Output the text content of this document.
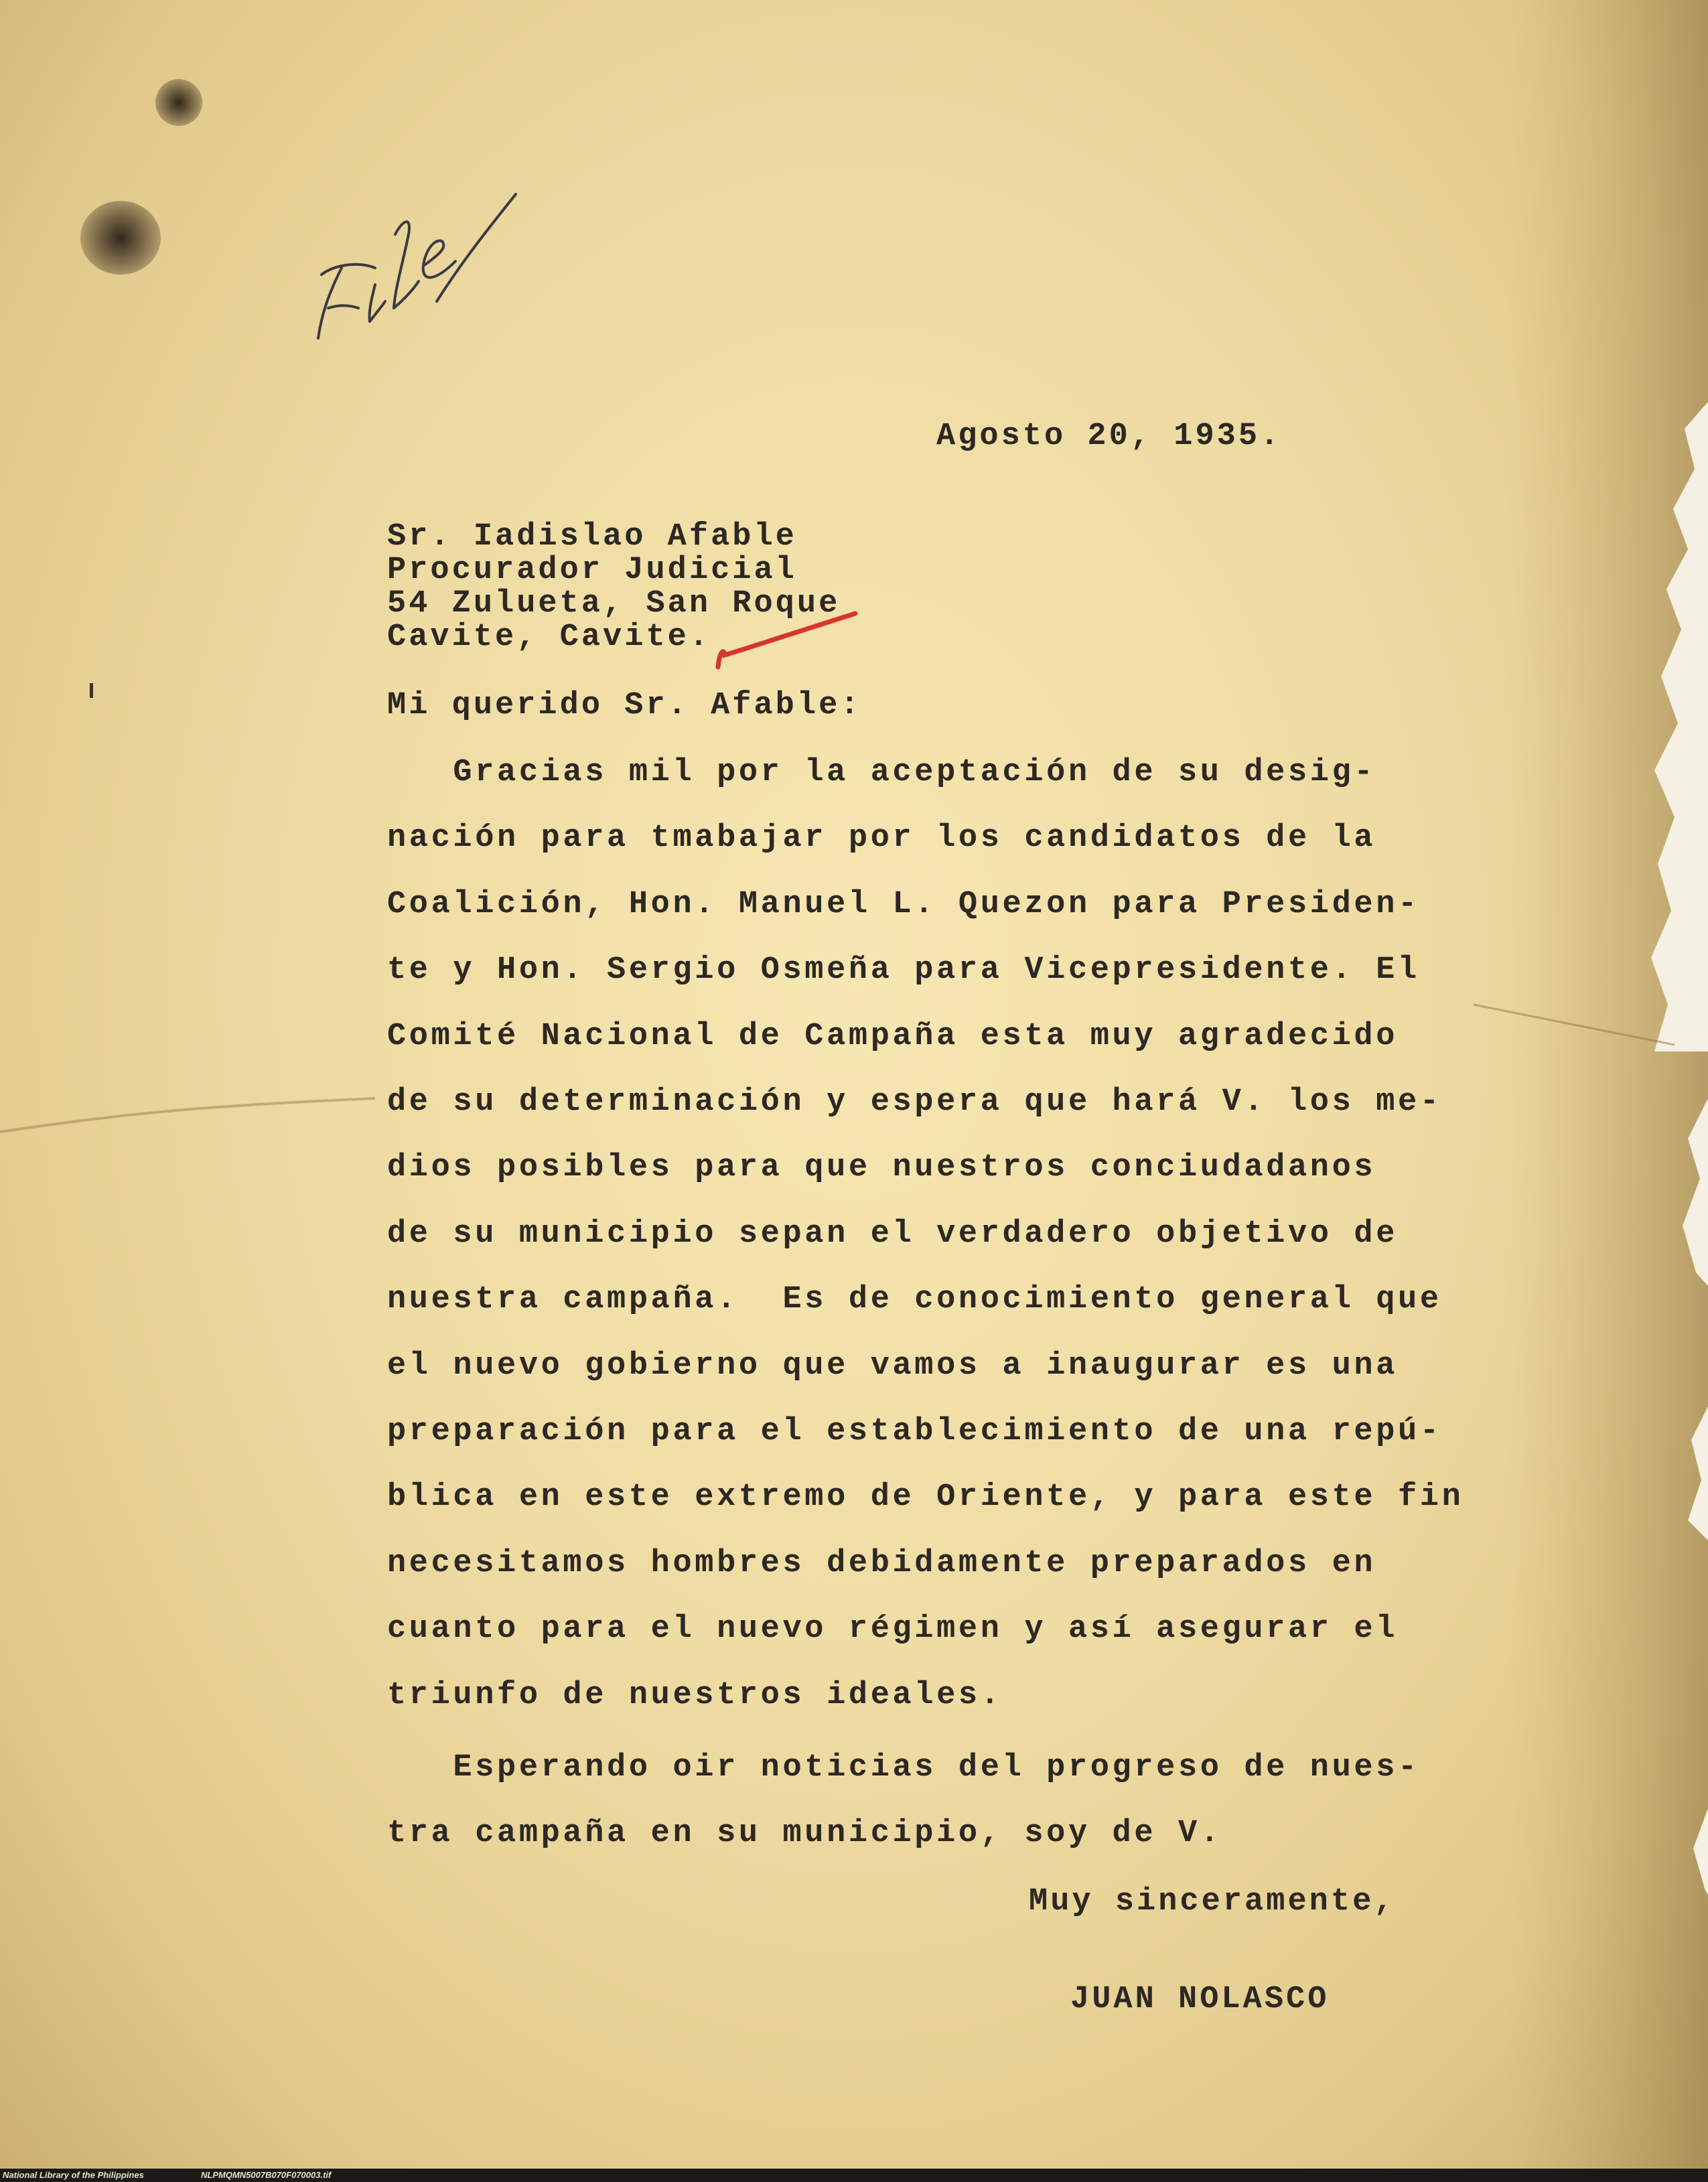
File
Agosto 20, 1935.
Sr. Iadislao Afable
Procurador Judicial
54 Zulueta, San Roque
Cavite, Cavite.
Mi querido Sr. Afable:
Gracias mil por la aceptación de su desig-
nación para tmabajar por los candidatos de la
Coalición, Hon. Manuel L. Quezon para Presiden-
te y Hon. Sergio Osmeña para Vicepresidente. El
Comité Nacional de Campaña esta muy agradecido
de su determinación y espera que hará V. los me-
dios posibles para que nuestros conciudadanos
de su municipio sepan el verdadero objetivo de
nuestra campaña.  Es de conocimiento general que
el nuevo gobierno que vamos a inaugurar es una
preparación para el establecimiento de una repú-
blica en este extremo de Oriente, y para este fin
necesitamos hombres debidamente preparados en
cuanto para el nuevo régimen y así asegurar el
triunfo de nuestros ideales.
Esperando oir noticias del progreso de nues-
tra campaña en su municipio, soy de V.
Muy sinceramente,
JUAN NOLASCO

National Library of the Philippines

	NLPMQMN5007B070F070003.tif
